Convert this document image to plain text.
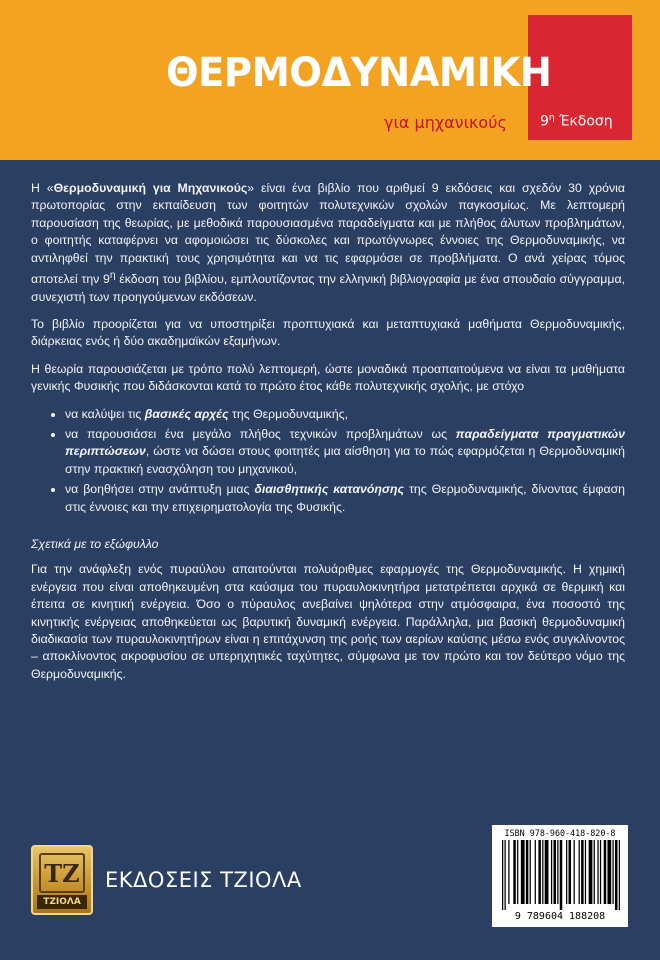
ΘΕΡΜΟΔΥΝΑΜΙΚΗ
για μηχανικούς $9^\eta$ Έκδοση

Η «Θερμοδυναμική για Μηχανικούς» είναι ένα βιβλίο που αριθμεί 9 εκδόσεις και σχεδόν 30 χρόνια πρωτοπορίας στην εκπαίδευση των φοιτητών πολυτεχνικών σχολών παγκοσμίως. Με λεπτομερή παρουσίαση της θεωρίας, με μεθοδικά παρουσιασμένα παραδείγματα και με πλήθος άλυτων προβλημάτων, ο φοιτητής καταφέρνει να αφομοιώσει τις δύσκολες και πρωτόγνωρες έννοιες της Θερμοδυναμικής, να αντιληφθεί την πρακτική τους χρησιμότητα και να τις εφαρμόσει σε προβλήματα. Ο ανά χείρας τόμος αποτελεί την $9^\eta$ έκδοση του βιβλίου, εμπλουτίζοντας την ελληνική βιβλιογραφία με ένα σπουδαίο σύγγραμμα, συνεχιστή των προηγούμενων εκδόσεων.

Το βιβλίο προορίζεται για να υποστηρίξει προπτυχιακά και μεταπτυχιακά μαθήματα Θερμοδυναμικής, διάρκειας ενός ή δύο ακαδημαϊκών εξαμήνων.

Η θεωρία παρουσιάζεται με τρόπο πολύ λεπτομερή, ώστε μοναδικά προαπαιτούμενα να είναι τα μαθήματα γενικής Φυσικής που διδάσκονται κατά το πρώτο έτος κάθε πολυτεχνικής σχολής, με στόχο

• να καλύψει τις βασικές αρχές της Θερμοδυναμικής,
• να παρουσιάσει ένα μεγάλο πλήθος τεχνικών προβλημάτων ως παραδείγματα πραγματικών περιπτώσεων, ώστε να δώσει στους φοιτητές μια αίσθηση για το πώς εφαρμόζεται η Θερμοδυναμική στην πρακτική ενασχόληση του μηχανικού,
• να βοηθήσει στην ανάπτυξη μιας διαισθητικής κατανόησης της Θερμοδυναμικής, δίνοντας έμφαση στις έννοιες και την επιχειρηματολογία της Φυσικής.
Σχετικά με το εξώφυλλο

Για την ανάφλεξη ενός πυραύλου απαιτούνται πολυάριθμες εφαρμογές της Θερμοδυναμικής. Η χημική ενέργεια που είναι αποθηκευμένη στα καύσιμα του πυραυλοκινητήρα μετατρέπεται αρχικά σε θερμική και έπειτα σε κινητική ενέργεια. Όσο ο πύραυλος ανεβαίνει ψηλότερα στην ατμόσφαιρα, ένα ποσοστό της κινητικής ενέργειας αποθηκεύεται ως βαρυτική δυναμική ενέργεια. Παράλληλα, μια βασική θερμοδυναμική διαδικασία των πυραυλοκινητήρων είναι η επιτάχυνση της ροής των αερίων καύσης μέσω ενός συγκλίνοντος – αποκλίνοντος ακροφυσίου σε υπερηχητικές ταχύτητες, σύμφωνα με τον πρώτο και τον δεύτερο νόμο της Θερμοδυναμικής.

ΤΖ
ΤΖΙΟΛΑ
ΕΚΔΟΣΕΙΣ ΤΖΙΟΛΑ
ISBN 978-960-418-820-8
9 789604 188208
